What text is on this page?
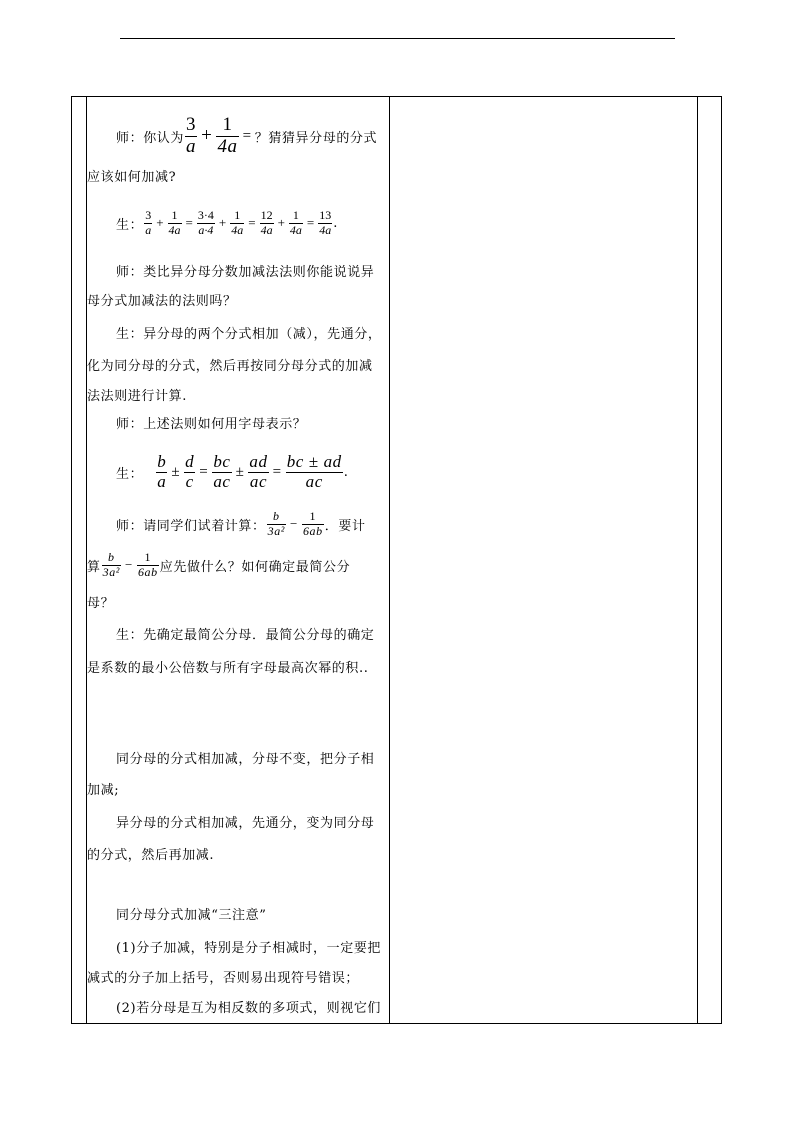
师：你认为 $\frac{3}{a} + \frac{1}{4a}$ = ？猜猜异分母的分式
应该如何加减?
生： $\frac{3}{a} + \frac{1}{4a} = \frac{3\cdot 4}{a\cdot 4} + \frac{1}{4a} = \frac{12}{4a} + \frac{1}{4a} = \frac{13}{4a}$ .
师：类比异分母分数加减法法则你能说说异
母分式加减法的法则吗？
生：异分母的两个分式相加（减），先通分，
化为同分母的分式，然后再按同分母分式的加减
法法则进行计算.
师：上述法则如何用字母表示？
生： $\frac{b}{a} \pm \frac{d}{c} = \frac{bc}{ac} \pm \frac{ad}{ac} = \frac{bc \pm ad}{ac}$ .
师：请同学们试着计算： $\frac{b}{\text{3a²}} - \frac{1}{6ab}$ ．要计
算 $\frac{b}{\text{3a²}} - \frac{1}{6ab}$ 应先做什么？如何确定最简公分
母？
生：先确定最简公分母．最简公分母的确定
是系数的最小公倍数与所有字母最高次幂的积..
同分母的分式相加减，分母不变，把分子相
加减;
异分母的分式相加减，先通分，变为同分母
的分式，然后再加减.
同分母分式加减“三注意”
(1)分子加减，特别是分子相减时，一定要把
减式的分子加上括号，否则易出现符号错误；
(2)若分母是互为相反数的多项式，则视它们
